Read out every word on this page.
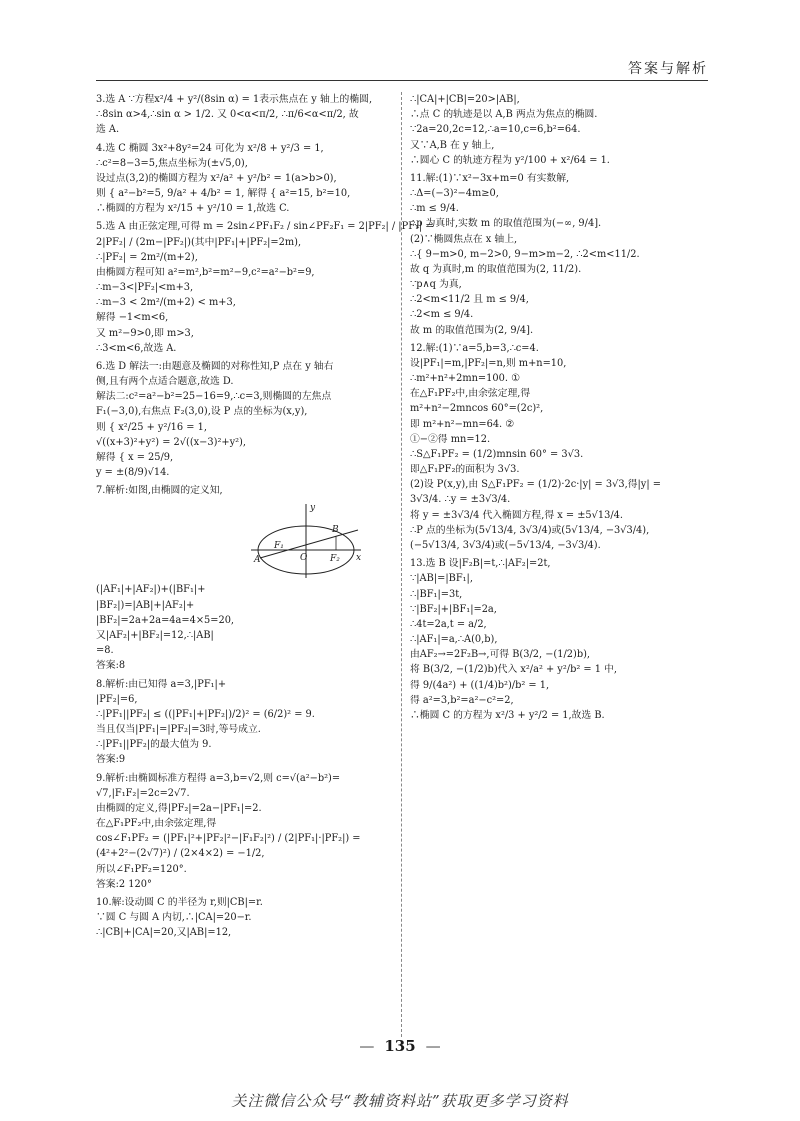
答案与解析
3.选 A ∵方程x²/4 + y²/(8sin α) = 1表示焦点在 y 轴上的椭圆,
∴8sin α>4,∴sin α > 1/2. 又 0<α<π/2, ∴π/6<α<π/2, 故
选 A.
4.选 C 椭圆 3x²+8y²=24 可化为 x²/8 + y²/3 = 1,
∴c²=8−3=5,焦点坐标为(±√5,0),
设过点(3,2)的椭圆方程为 x²/a² + y²/b² = 1(a>b>0),
则 { a²−b²=5, 9/a² + 4/b² = 1, 解得 { a²=15, b²=10,
∴椭圆的方程为 x²/15 + y²/10 = 1,故选 C.
5.选 A 由正弦定理,可得 m = 2sin∠PF₁F₂ / sin∠PF₂F₁ = 2|PF₂| / |PF₁| =
2|PF₂| / (2m−|PF₂|)(其中|PF₁|+|PF₂|=2m),
∴|PF₂| = 2m²/(m+2),
由椭圆方程可知 a²=m²,b²=m²−9,c²=a²−b²=9,
∴m−3<|PF₂|<m+3,
∴m−3 < 2m²/(m+2) < m+3,
解得 −1<m<6,
又 m²−9>0,即 m>3,
∴3<m<6,故选 A.
6.选 D 解法一:由题意及椭圆的对称性知,P 点在 y 轴右
侧,且有两个点适合题意,故选 D.
解法二:c²=a²−b²=25−16=9,∴c=3,则椭圆的左焦点
F₁(−3,0),右焦点 F₂(3,0),设 P 点的坐标为(x,y),
则 { x²/25 + y²/16 = 1,
√((x+3)²+y²) = 2√((x−3)²+y²),
解得 { x = 25/9,
y = ±(8/9)√14.
7.解析:如图,由椭圆的定义知,
y
x
B
F₁
F₂
A	O
(|AF₁|+|AF₂|)+(|BF₁|+
|BF₂|)=|AB|+|AF₂|+
|BF₂|=2a+2a=4a=4×5=20,
又|AF₂|+|BF₂|=12,∴|AB|
=8.
答案:8
8.解析:由已知得 a=3,|PF₁|+
|PF₂|=6,
∴|PF₁||PF₂| ≤ ((|PF₁|+|PF₂|)/2)² = (6/2)² = 9.
当且仅当|PF₁|=|PF₂|=3时,等号成立.
∴|PF₁||PF₂|的最大值为 9.
答案:9
9.解析:由椭圆标准方程得 a=3,b=√2,则 c=√(a²−b²)=
√7,|F₁F₂|=2c=2√7.
由椭圆的定义,得|PF₂|=2a−|PF₁|=2.
在△F₁PF₂中,由余弦定理,得
cos∠F₁PF₂ = (|PF₁|²+|PF₂|²−|F₁F₂|²) / (2|PF₁|·|PF₂|) =
(4²+2²−(2√7)²) / (2×4×2) = −1/2,
所以∠F₁PF₂=120°.
答案:2 120°
10.解:设动圆 C 的半径为 r,则|CB|=r.
∵圆 C 与圆 A 内切,∴|CA|=20−r.
∴|CB|+|CA|=20,又|AB|=12,
∴|CA|+|CB|=20>|AB|,
∴点 C 的轨迹是以 A,B 两点为焦点的椭圆.
∵2a=20,2c=12,∴a=10,c=6,b²=64.
又∵A,B 在 y 轴上,
∴圆心 C 的轨迹方程为 y²/100 + x²/64 = 1.
11.解:(1)∵x²−3x+m=0 有实数解,
∴Δ=(−3)²−4m≥0,
∴m ≤ 9/4.
∴p 为真时,实数 m 的取值范围为(−∞, 9/4].
(2)∵椭圆焦点在 x 轴上,
∴{ 9−m>0, m−2>0, 9−m>m−2, ∴2<m<11/2.
故 q 为真时,m 的取值范围为(2, 11/2).
∵p∧q 为真,
∴2<m<11/2 且 m ≤ 9/4,
∴2<m ≤ 9/4.
故 m 的取值范围为(2, 9/4].
12.解:(1)∵a=5,b=3,∴c=4.
设|PF₁|=m,|PF₂|=n,则 m+n=10,
∴m²+n²+2mn=100. ①
在△F₁PF₂中,由余弦定理,得
m²+n²−2mncos 60°=(2c)²,
即 m²+n²−mn=64. ②
①−②得 mn=12.
∴S△F₁PF₂ = (1/2)mnsin 60° = 3√3.
即△F₁PF₂的面积为 3√3.
(2)设 P(x,y),由 S△F₁PF₂ = (1/2)·2c·|y| = 3√3,得|y| =
3√3/4. ∴y = ±3√3/4.
将 y = ±3√3/4 代入椭圆方程,得 x = ±5√13/4.
∴P 点的坐标为(5√13/4, 3√3/4)或(5√13/4, −3√3/4),
(−5√13/4, 3√3/4)或(−5√13/4, −3√3/4).
13.选 B 设|F₂B|=t,∴|AF₂|=2t,
∵|AB|=|BF₁|,
∴|BF₁|=3t,
∵|BF₂|+|BF₁|=2a,
∴4t=2a,t = a/2,
∴|AF₁|=a,∴A(0,b),
由AF₂→=2F₂B→,可得 B(3/2, −(1/2)b),
将 B(3/2, −(1/2)b)代入 x²/a² + y²/b² = 1 中,
得 9/(4a²) + ((1/4)b²)/b² = 1,
得 a²=3,b²=a²−c²=2,
∴椭圆 C 的方程为 x²/3 + y²/2 = 1,故选 B.
— 135 —
关注微信公众号“教辅资料站”获取更多学习资料
